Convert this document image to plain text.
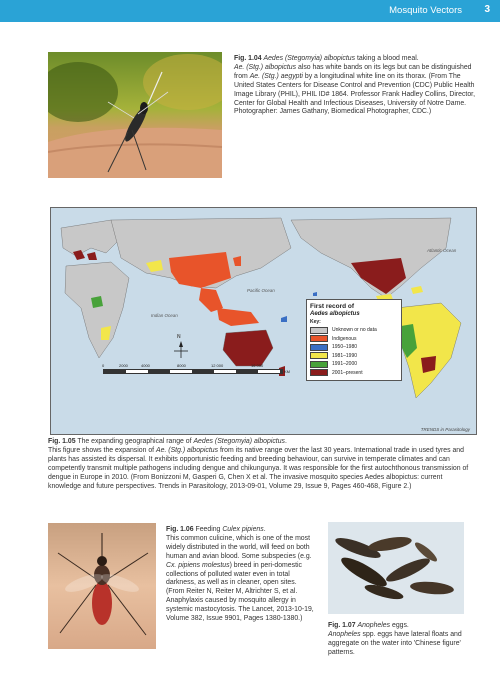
Mosquito Vectors 3

Fig. 1.04 Aedes (Stegomyia) albopictus taking a blood meal.

Ae. (Stg.) albopictus also has white bands on its legs but can be distinguished from Ae. (Stg.) aegypti by a longitudinal white line on its thorax. (From The United States Centers for Disease Control and Prevention (CDC) Public Health Image Library (PHIL), PHIL ID# 1864. Professor Frank Hadley Collins, Director, Center for Global Health and Infectious Diseases, University of Notre Dame. Photographer: James Gathany, Biomedical Photographer, CDC.)

Pacific Ocean
Indian Ocean
Atlantic Ocean
N
First record of
Aedes albopictus
Key:
Unknown or no data
Indigenous
1950–1980
1981–1990
1991–2000
2001–present
0	2000	4000	8000	12 000	16 000
KM
TRENDS in Parasitology

Fig. 1.05 The expanding geographical range of Aedes (Stegomyia) albopictus.

This figure shows the expansion of Ae. (Stg.) albopictus from its native range over the last 30 years. International trade in used tyres and plants has assisted its dispersal. It exhibits opportunistic feeding and breeding behaviour, can survive in temperate climates and can competently transmit multiple pathogens including dengue and chikungunya. It was responsible for the first autochthonous transmission of dengue in Europe in 2010. (From Bonizzoni M, Gasperi G, Chen X et al. The invasive mosquito species Aedes albopictus: current knowledge and future perspectives. Trends in Parasitology, 2013-09-01, Volume 29, Issue 9, Pages 460-468, Figure 2.)

Fig. 1.06 Feeding Culex pipiens.

This common culicine, which is one of the most widely distributed in the world, will feed on both human and avian blood. Some subspecies (e.g. Cx. pipiens molestus) breed in peri-domestic collections of polluted water even in total darkness, as well as in cleaner, open sites. (From Reiter N, Reiter M, Altrichter S, et al. Anaphylaxis caused by mosquito allergy in systemic mastocytosis. The Lancet, 2013-10-19, Volume 382, Issue 9901, Pages 1380-1380.)

Fig. 1.07 Anopheles eggs.

Anopheles spp. eggs have lateral floats and aggregate on the water into 'Chinese figure' patterns.
